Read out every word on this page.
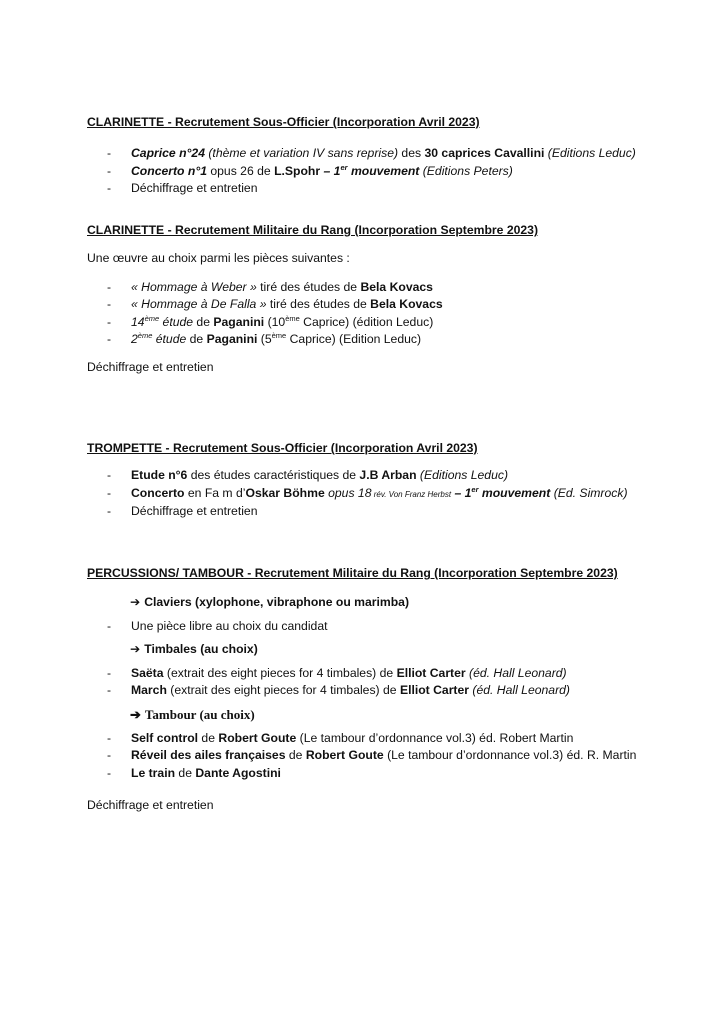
CLARINETTE - Recrutement Sous-Officier (Incorporation Avril 2023)

- Caprice n°24 (thème et variation IV sans reprise) des 30 caprices Cavallini (Editions Leduc)
- Concerto n°1 opus 26 de L.Spohr – 1er mouvement (Editions Peters)
- Déchiffrage et entretien

CLARINETTE - Recrutement Militaire du Rang (Incorporation Septembre 2023)

Une œuvre au choix parmi les pièces suivantes :

- « Hommage à Weber » tiré des études de Bela Kovacs
- « Hommage à De Falla » tiré des études de Bela Kovacs
- 14ème étude de Paganini (10ème Caprice) (édition Leduc)
- 2ème étude de Paganini (5ème Caprice) (Edition Leduc)

Déchiffrage et entretien

TROMPETTE - Recrutement Sous-Officier (Incorporation Avril 2023)

- Etude n°6 des études caractéristiques de J.B Arban (Editions Leduc)
- Concerto en Fa m d’Oskar Böhme opus 18 rév. Von Franz Herbst – 1er mouvement (Ed. Simrock)
- Déchiffrage et entretien

PERCUSSIONS/ TAMBOUR - Recrutement Militaire du Rang (Incorporation Septembre 2023)

➔ Claviers (xylophone, vibraphone ou marimba)
- Une pièce libre au choix du candidat
➔ Timbales (au choix)
- Saëta (extrait des eight pieces for 4 timbales) de Elliot Carter (éd. Hall Leonard)
- March (extrait des eight pieces for 4 timbales) de Elliot Carter (éd. Hall Leonard)
➔ Tambour (au choix)
- Self control de Robert Goute (Le tambour d’ordonnance vol.3) éd. Robert Martin
- Réveil des ailes françaises de Robert Goute (Le tambour d’ordonnance vol.3) éd. R. Martin
- Le train de Dante Agostini

Déchiffrage et entretien
